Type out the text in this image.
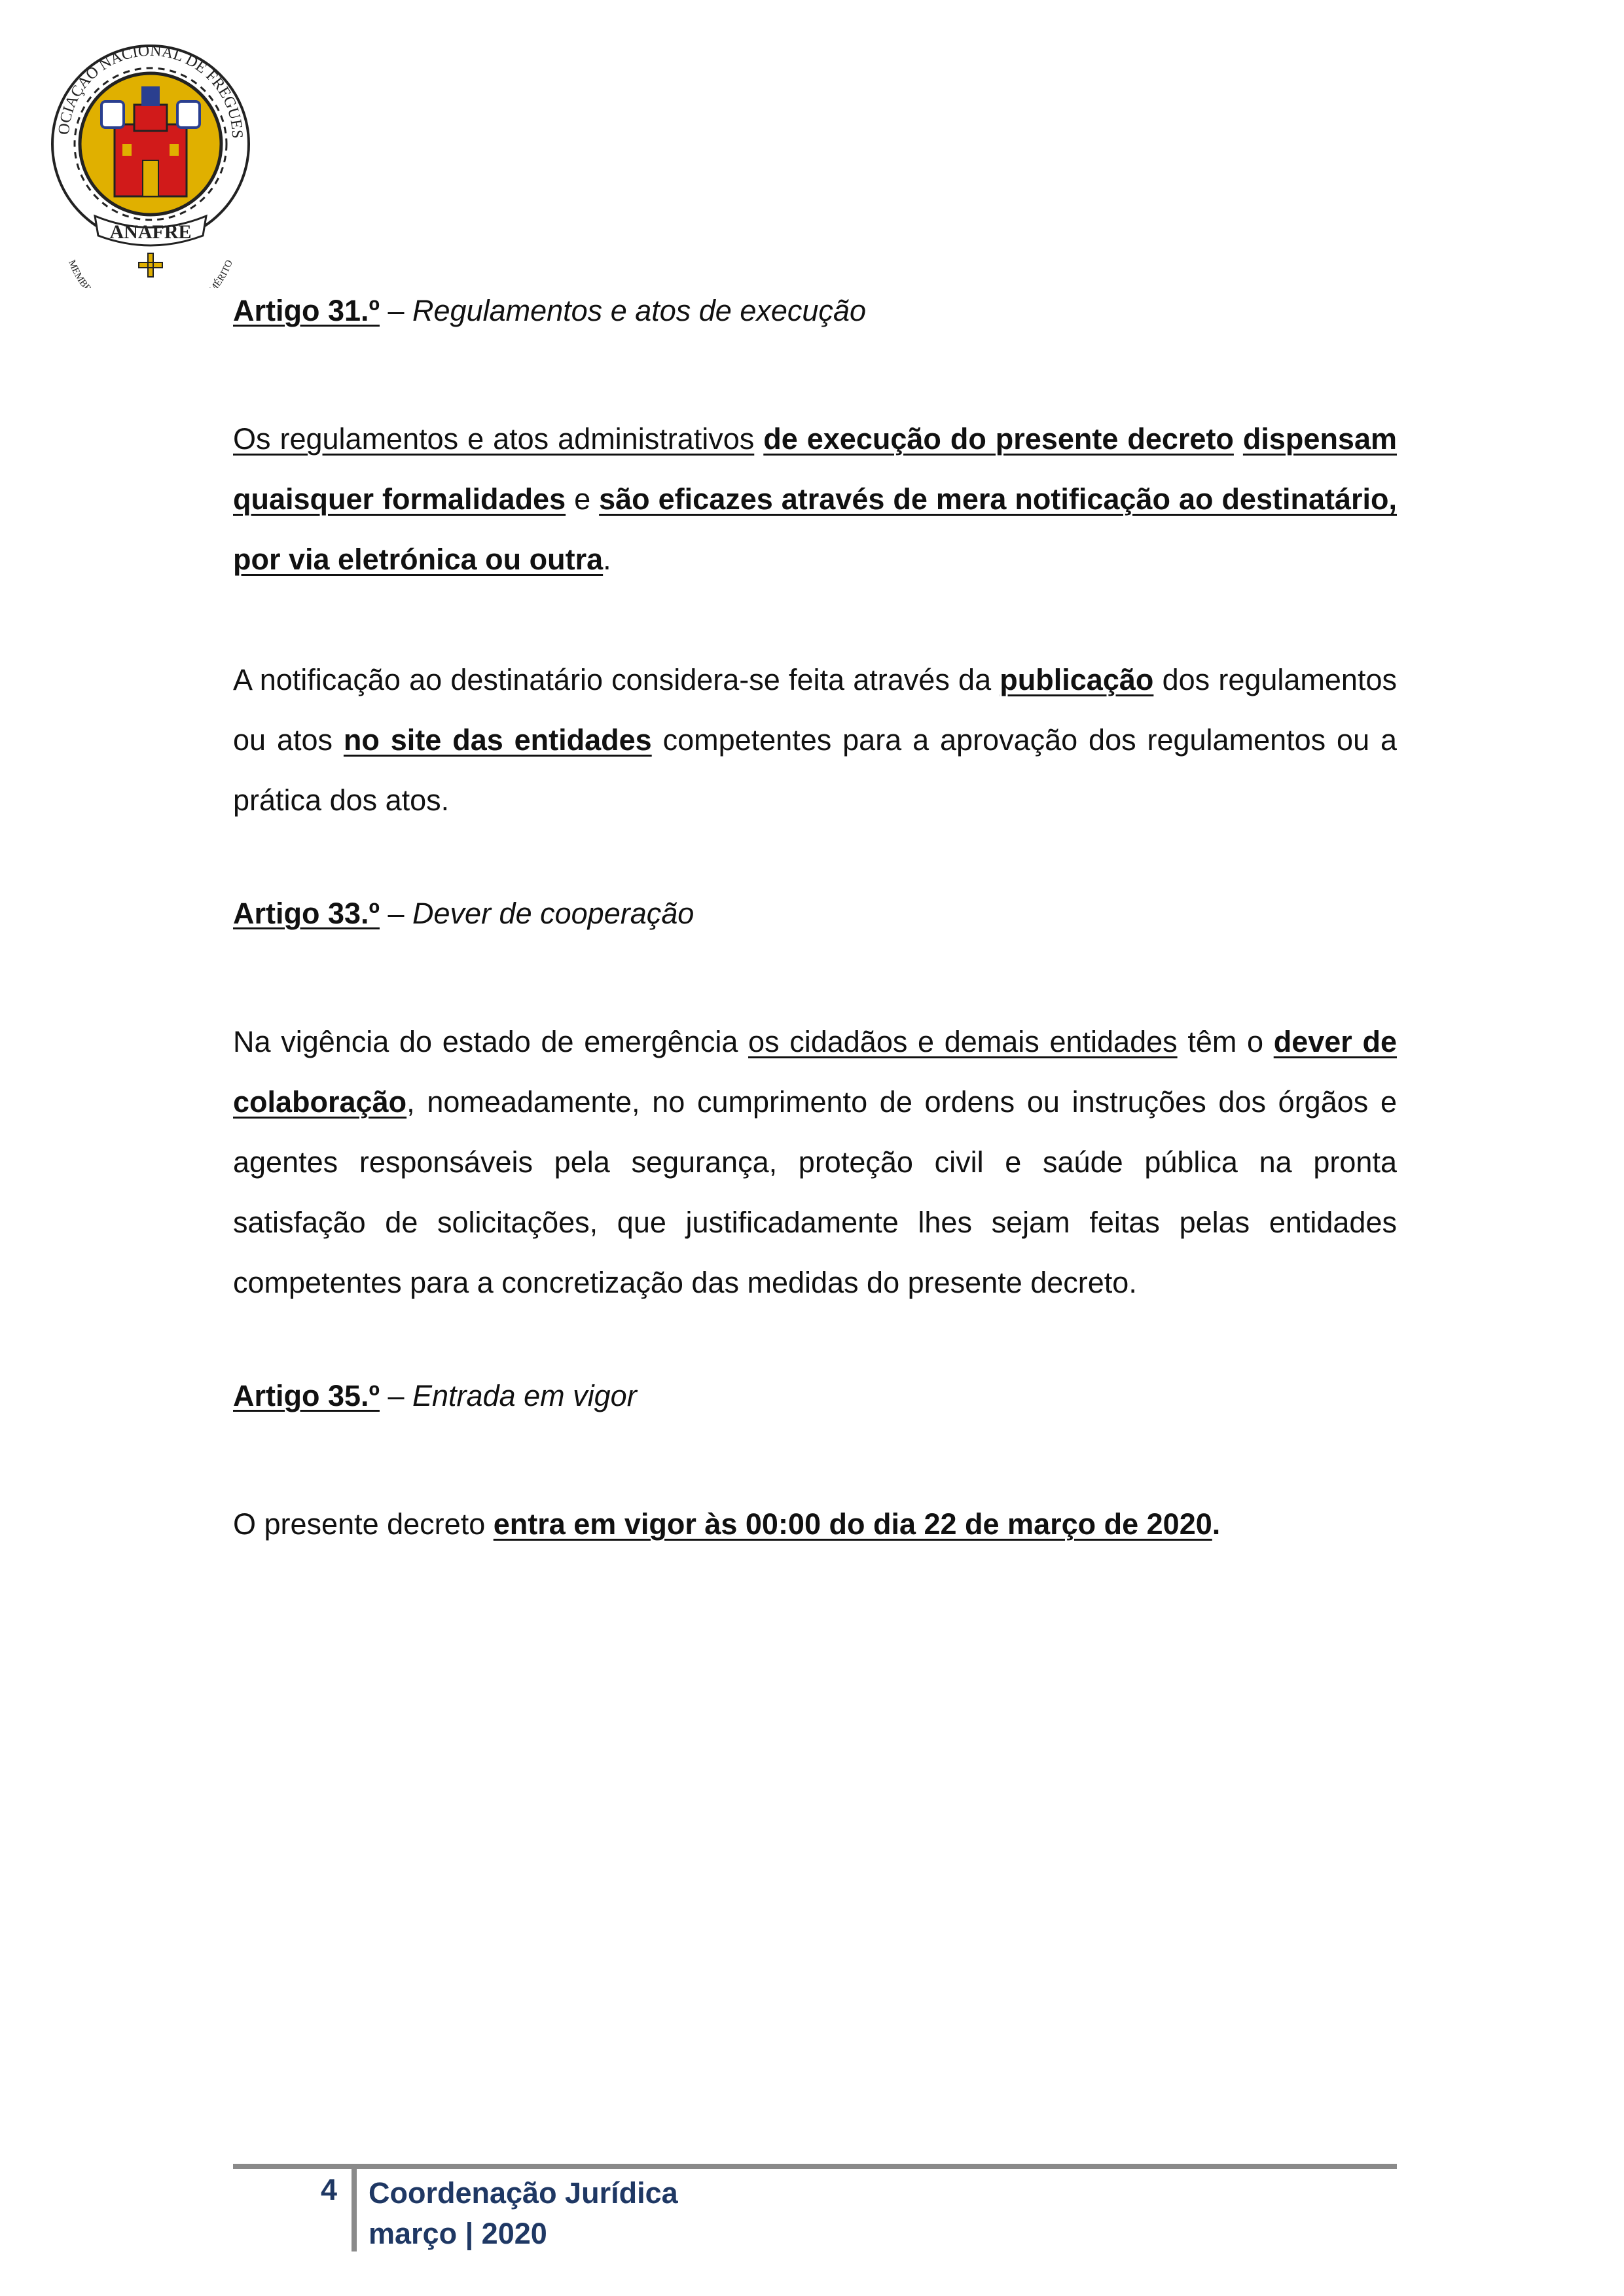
ANAFRE
OCIAÇÃO NACIONAL DE FREGUES
MEMB ÉRITO

Artigo 31.º – Regulamentos e atos de execução

Os regulamentos e atos administrativos de execução do presente decreto dispensam quaisquer formalidades e são eficazes através de mera notificação ao destinatário, por via eletrónica ou outra.

A notificação ao destinatário considera-se feita através da publicação dos regulamentos ou atos no site das entidades competentes para a aprovação dos regulamentos ou a prática dos atos.

Artigo 33.º – Dever de cooperação

Na vigência do estado de emergência os cidadãos e demais entidades têm o dever de colaboração, nomeadamente, no cumprimento de ordens ou instruções dos órgãos e agentes responsáveis pela segurança, proteção civil e saúde pública na pronta satisfação de solicitações, que justificadamente lhes sejam feitas pelas entidades competentes para a concretização das medidas do presente decreto.

Artigo 35.º – Entrada em vigor

O presente decreto entra em vigor às 00:00 do dia 22 de março de 2020.

4 Coordenação Jurídica
março | 2020
